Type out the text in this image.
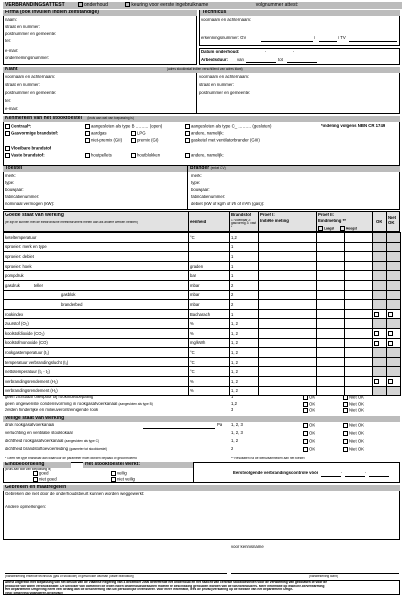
VERBRANDINGSATTEST	onderhoud	keuring voor eerste ingebruikname	volgnummer attest:
Firma (ook invullen indien zelfstandige)
naam:
straat en nummer:
postnummer en gemeente:
tel:
e-mail:
ondernemingsnummer:
Technicus
voornaam en achternaam:
erkenningsnummer: GV	/	/ TV
Datum onderhoud:	-	-
Arbeidsduur: van	tot
Klant	(adres stookinstal indien verschillend van adres klant)
voornaam en achternaam:
straat en nummer:
postnummer en gemeente:
tel:
e-mail:
voornaam en achternaam:
straat en nummer:
postnummer en gemeente:
Kenmerken van het stooktoestel (kruis aan wat van toepassing is)
Centraal*:	aangesloten als type B ……… (open)	aangesloten als type C_ ……… (gesloten)	*indeling volgens NBN CR 1749
Gasvormige brandstof:	aardgas	LPG	andere, namelijk:
niet-premix (GII)	premix (GI)	gasketel met ventilatorbrander (GIII)
Vloeibare brandstof
Vaste brandstof:	houtpellets	houtblokken	andere, namelijk:
Toestel	Brander (enkel CV)
merk:
type:
bouwjaar:
fabricatienummer:
nominaal vermogen (kW):
merk:
type:
bouwjaar:
fabricatienummer:
debiet (kW of kg/h of l/h of m³/h (gas)):
Goede staat van werking
(te zijn te kunnen met de elektronische meetinstrument meten aan als andere werken hebben)	eenheid
Brandstof
1: vloeibaar 2: gasvormig 3: vast *
Proef I:
Initiële meting
Proef II:
Eindmeting **
Laagst	Hoogst
OK
Niet OK
keteltemperatuur	°C	1,2					
sproeier: merk en type		1					
sproeier: debiet		1					
sproeier: hoek	graden	1					
pompdruk	bar	1					
gasdruk teller	mbar	2					
gasblok	mbar	2					
branderbed	mbar	2					
rookindex	Bacharach	1					
zuurstof (O₂)	%	1, 2					
koolstofdioxide (CO₂)	%	1, 2					
koolstofmonoxide (CO)	mg/kWh	1, 2					
rookgastemperatuur (t₁)	°C	1, 2					
temperatuur verbrandingslucht (t₁)	°C	1, 2					
nettotemperatuur (t₁ - t₂)	°C	1, 2					
verbrandingsrendement (H₂)	%	1, 2					
verbrandingsrendement (H₁)	%	1, 2					
geen zichtbaar oliespoor bij rookindexbepaling	1	OK	Niet OK
geen ongewenste condensvorming in rookgasafvoerkanaal (aangesloten als type B)	1,2	OK	Niet OK
zelden hinderlijke en milieuverontreinigende rook	3	OK	Niet OK
Veilige staat van werking
druk rookgasafvoerkanaal	Pa 1, 2, 3	OK	Niet OK
verluchting en ventilatie stooklokaal	1, 2, 3	OK	Niet OK
dichtheid rookgasafvoerkanaal (aangesloten als type C)	1, 2	OK	Niet OK
dichtheid brandstoftoevoerleiding (gasmeter tot stooktoestel)	2	OK	Niet OK
* Geeft het type brandstaf aan waarvoor de parameter moet worden bepaald of gecontroleerd	** Resultaten na de werkzaamheden aan het toestel
Eindbeoordeling
(kruis aan wat van toepassing is)
goed
niet goed
Het stooktoestel werkt:
veilig
niet veilig
Eerstvolgende verbrandingscontrole vóór	-	-
Gebreken en maatregelen
Gebreken die niet door de onderhoudsbeurt kunnen worden weggewerkt:
Andere opmerkingen:
voor kennisname
(handtekening erkende technicus (gas of stookolie) of gescholde vakman (vaste brandstof))	(handtekening klant)
Attest uitgereikt met toepassing van het besluit van de Vlaamse Regering van 4 december 2006 betreffende het onderhoud en het nazicht van centrale stooktoestellen voor de verwarming van gebouwen of voor de
productie van warm verbruikswater. De uitvoiker van domeinlei de leden halen onderhoudsbesluiten moeten te beschikking gehouden worden van de toezichthouders. Meer informatie op www.lne.be/verwarming
Het departement Omgeving heeft veel belang aan de bescherming van uw persoonlijke levenssfeer. Voor meer informatie, lees de privacyverklaring op de website van het departement Omge-
ving: omgeving.vlaanderen.be/privacy
